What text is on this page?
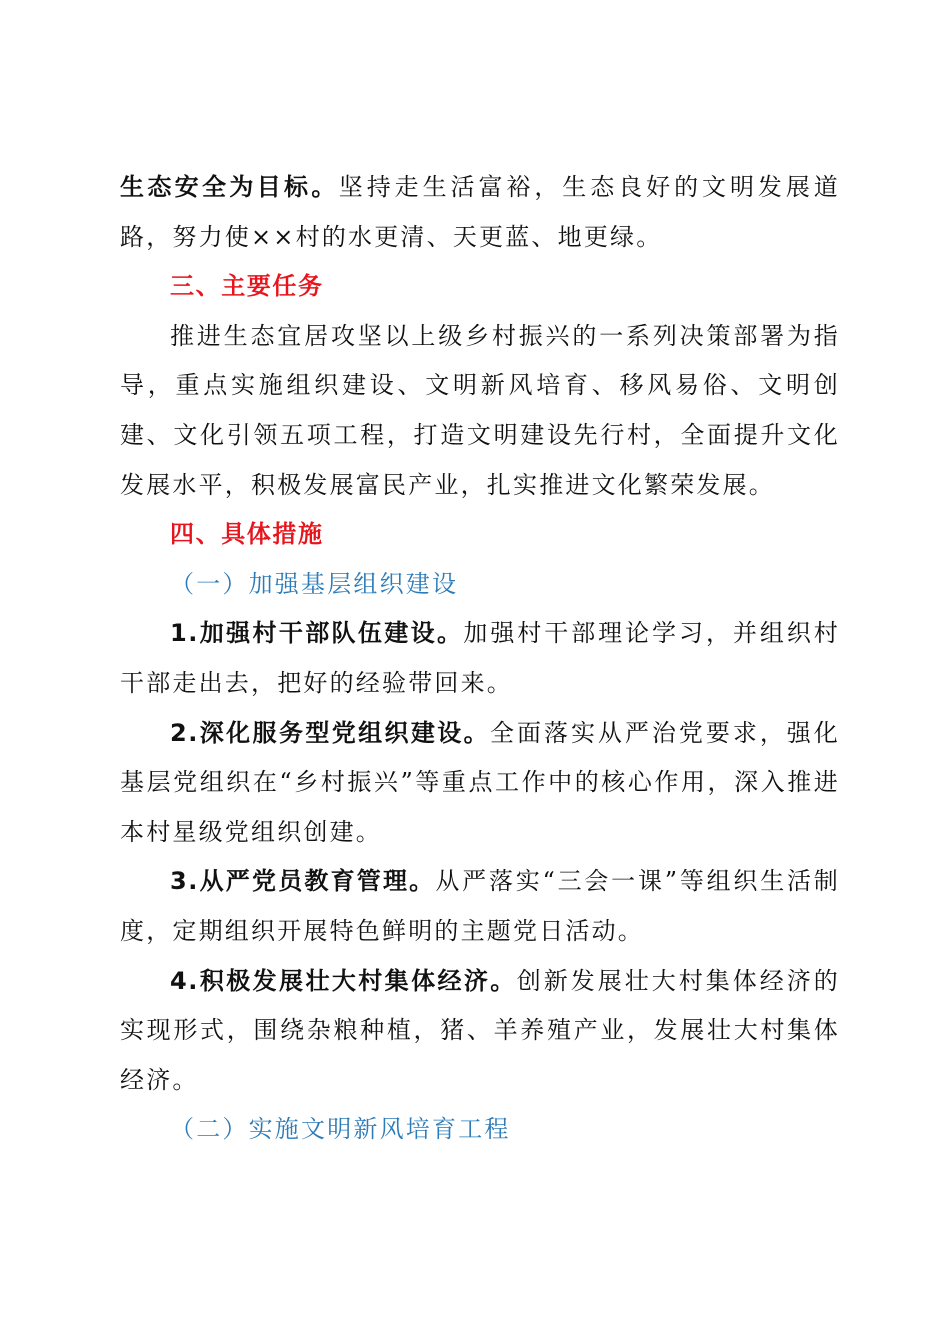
生态安全为目标。坚持走生活富裕，生态良好的文明发展道路，努力使××村的水更清、天更蓝、地更绿。

三、主要任务

推进生态宜居攻坚以上级乡村振兴的一系列决策部署为指导，重点实施组织建设、文明新风培育、移风易俗、文明创建、文化引领五项工程，打造文明建设先行村，全面提升文化发展水平，积极发展富民产业，扎实推进文化繁荣发展。

四、具体措施

（一）加强基层组织建设

1.加强村干部队伍建设。加强村干部理论学习，并组织村干部走出去，把好的经验带回来。

2.深化服务型党组织建设。全面落实从严治党要求，强化基层党组织在“乡村振兴”等重点工作中的核心作用，深入推进本村星级党组织创建。

3.从严党员教育管理。从严落实“三会一课”等组织生活制度，定期组织开展特色鲜明的主题党日活动。

4.积极发展壮大村集体经济。创新发展壮大村集体经济的实现形式，围绕杂粮种植，猪、羊养殖产业，发展壮大村集体经济。

（二）实施文明新风培育工程
